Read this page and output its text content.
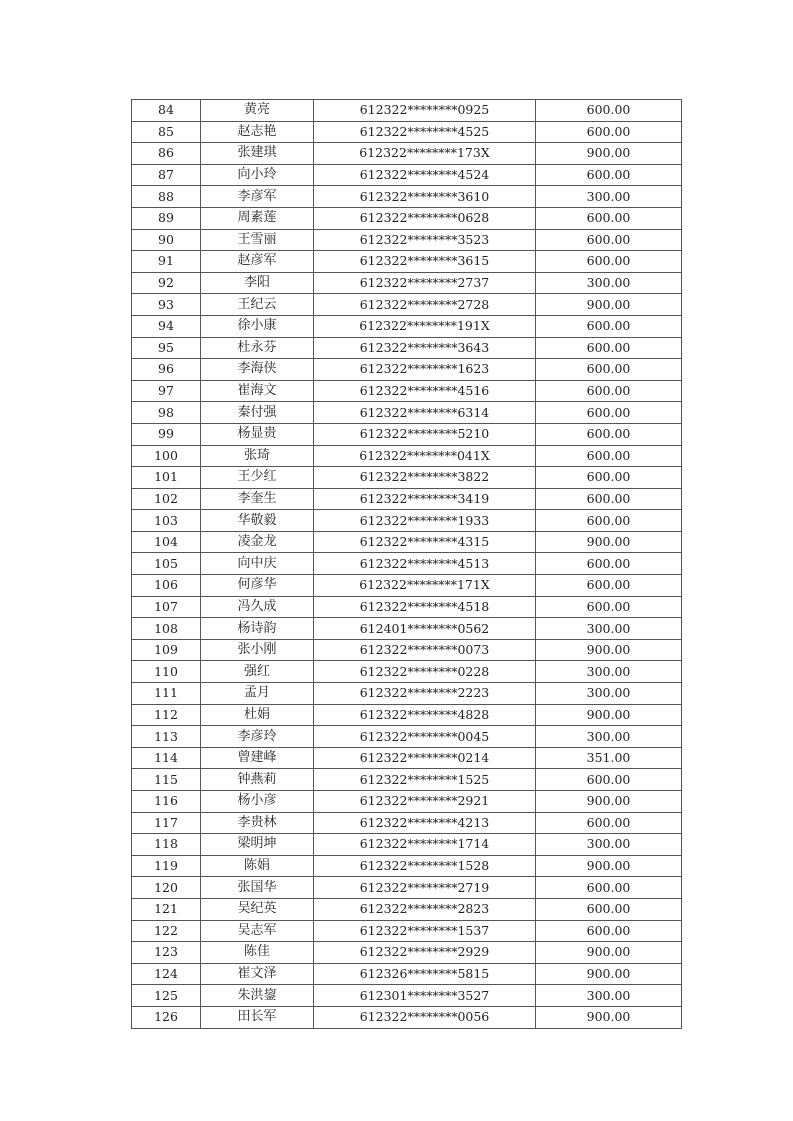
84	黄亮	612322********0925	600.00
85	赵志艳	612322********4525	600.00
86	张建琪	612322********173X	900.00
87	向小玲	612322********4524	600.00
88	李彦军	612322********3610	300.00
89	周素莲	612322********0628	600.00
90	王雪丽	612322********3523	600.00
91	赵彦军	612322********3615	600.00
92	李阳	612322********2737	300.00
93	王纪云	612322********2728	900.00
94	徐小康	612322********191X	600.00
95	杜永芬	612322********3643	600.00
96	李海侠	612322********1623	600.00
97	崔海文	612322********4516	600.00
98	秦付强	612322********6314	600.00
99	杨显贵	612322********5210	600.00
100	张琦	612322********041X	600.00
101	王少红	612322********3822	600.00
102	李奎生	612322********3419	600.00
103	华敬毅	612322********1933	600.00
104	凌金龙	612322********4315	900.00
105	向中庆	612322********4513	600.00
106	何彦华	612322********171X	600.00
107	冯久成	612322********4518	600.00
108	杨诗韵	612401********0562	300.00
109	张小刚	612322********0073	900.00
110	强红	612322********0228	300.00
111	孟月	612322********2223	300.00
112	杜娟	612322********4828	900.00
113	李彦玲	612322********0045	300.00
114	曾建峰	612322********0214	351.00
115	钟燕莉	612322********1525	600.00
116	杨小彦	612322********2921	900.00
117	李贵林	612322********4213	600.00
118	梁明坤	612322********1714	300.00
119	陈娟	612322********1528	900.00
120	张国华	612322********2719	600.00
121	吴纪英	612322********2823	600.00
122	吴志军	612322********1537	600.00
123	陈佳	612322********2929	900.00
124	崔文泽	612326********5815	900.00
125	朱洪鋆	612301********3527	300.00
126	田长军	612322********0056	900.00
